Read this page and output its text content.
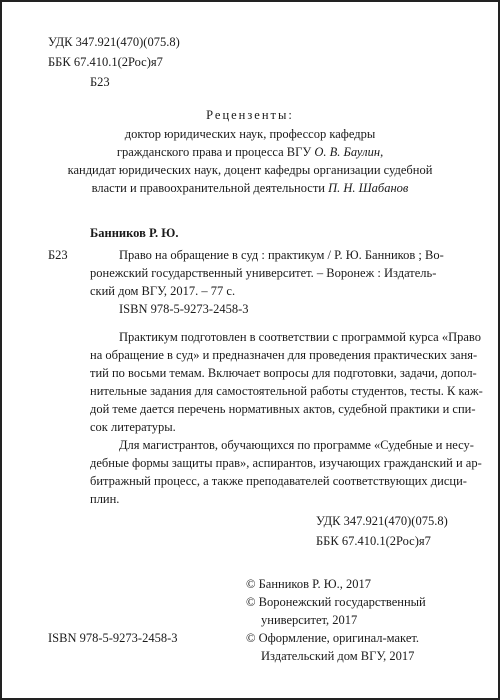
УДК 347.921(470)(075.8)
ББК 67.410.1(2Рос)я7
Б23
Рецензенты:
доктор юридических наук, профессор кафедры
гражданского права и процесса ВГУ О. В. Баулин,
кандидат юридических наук, доцент кафедры организации судебной
власти и правоохранительной деятельности П. Н. Шабанов
Банников Р. Ю.
Б23	Право на обращение в суд : практикум / Р. Ю. Банников ; Во-
ронежский государственный университет. – Воронеж : Издатель-
ский дом ВГУ, 2017. – 77 с.
ISBN 978-5-9273-2458-3
Практикум подготовлен в соответствии с программой курса «Право
на обращение в суд» и предназначен для проведения практических заня-
тий по восьми темам. Включает вопросы для подготовки, задачи, допол-
нительные задания для самостоятельной работы студентов, тесты. К каж-
дой теме дается перечень нормативных актов, судебной практики и спи-
сок литературы.
Для магистрантов, обучающихся по программе «Судебные и несу-
дебные формы защиты прав», аспирантов, изучающих гражданский и ар-
битражный процесс, а также преподавателей соответствующих дисци-
плин.
УДК 347.921(470)(075.8)
ББК 67.410.1(2Рос)я7
© Банников Р. Ю., 2017
© Воронежский государственный
университет, 2017
ISBN 978-5-9273-2458-3	© Оформление, оригинал-макет.
Издательский дом ВГУ, 2017
